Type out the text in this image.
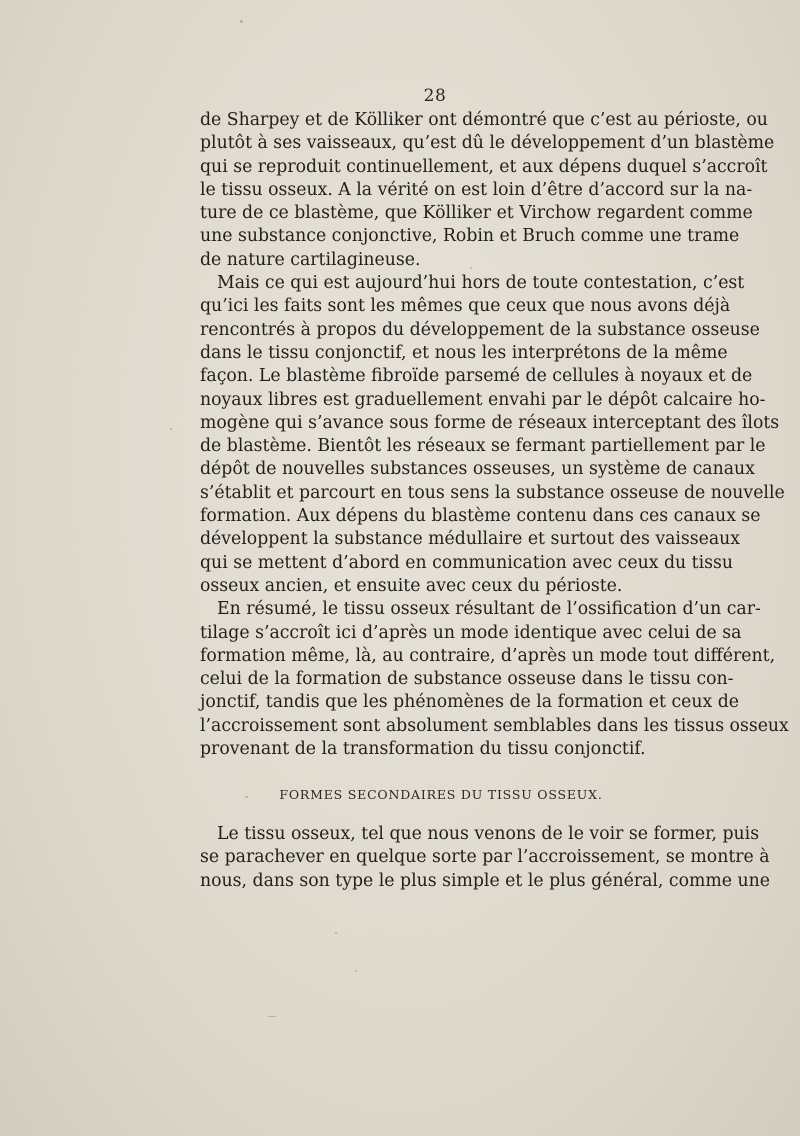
28

de Sharpey et de Kölliker ont démontré que c’est au périoste, ou
plutôt à ses vaisseaux, qu’est dû le développement d’un blastème
qui se reproduit continuellement, et aux dépens duquel s’accroît
le tissu osseux. A la vérité on est loin d’être d’accord sur la na-
ture de ce blastème, que Kölliker et Virchow regardent comme
une substance conjonctive, Robin et Bruch comme une trame
de nature cartilagineuse.

Mais ce qui est aujourd’hui hors de toute contestation, c’est
qu’ici les faits sont les mêmes que ceux que nous avons déjà
rencontrés à propos du développement de la substance osseuse
dans le tissu conjonctif, et nous les interprétons de la même
façon. Le blastème fibroïde parsemé de cellules à noyaux et de
noyaux libres est graduellement envahi par le dépôt calcaire ho-
mogène qui s’avance sous forme de réseaux interceptant des îlots
de blastème. Bientôt les réseaux se fermant partiellement par le
dépôt de nouvelles substances osseuses, un système de canaux
s’établit et parcourt en tous sens la substance osseuse de nouvelle
formation. Aux dépens du blastème contenu dans ces canaux se
développent la substance médullaire et surtout des vaisseaux
qui se mettent d’abord en communication avec ceux du tissu
osseux ancien, et ensuite avec ceux du périoste.

En résumé, le tissu osseux résultant de l’ossification d’un car-
tilage s’accroît ici d’après un mode identique avec celui de sa
formation même, là, au contraire, d’après un mode tout différent,
celui de la formation de substance osseuse dans le tissu con-
jonctif, tandis que les phénomènes de la formation et ceux de
l’accroissement sont absolument semblables dans les tissus osseux
provenant de la transformation du tissu conjonctif.

FORMES SECONDAIRES DU TISSU OSSEUX.

Le tissu osseux, tel que nous venons de le voir se former, puis
se parachever en quelque sorte par l’accroissement, se montre à
nous, dans son type le plus simple et le plus général, comme une
